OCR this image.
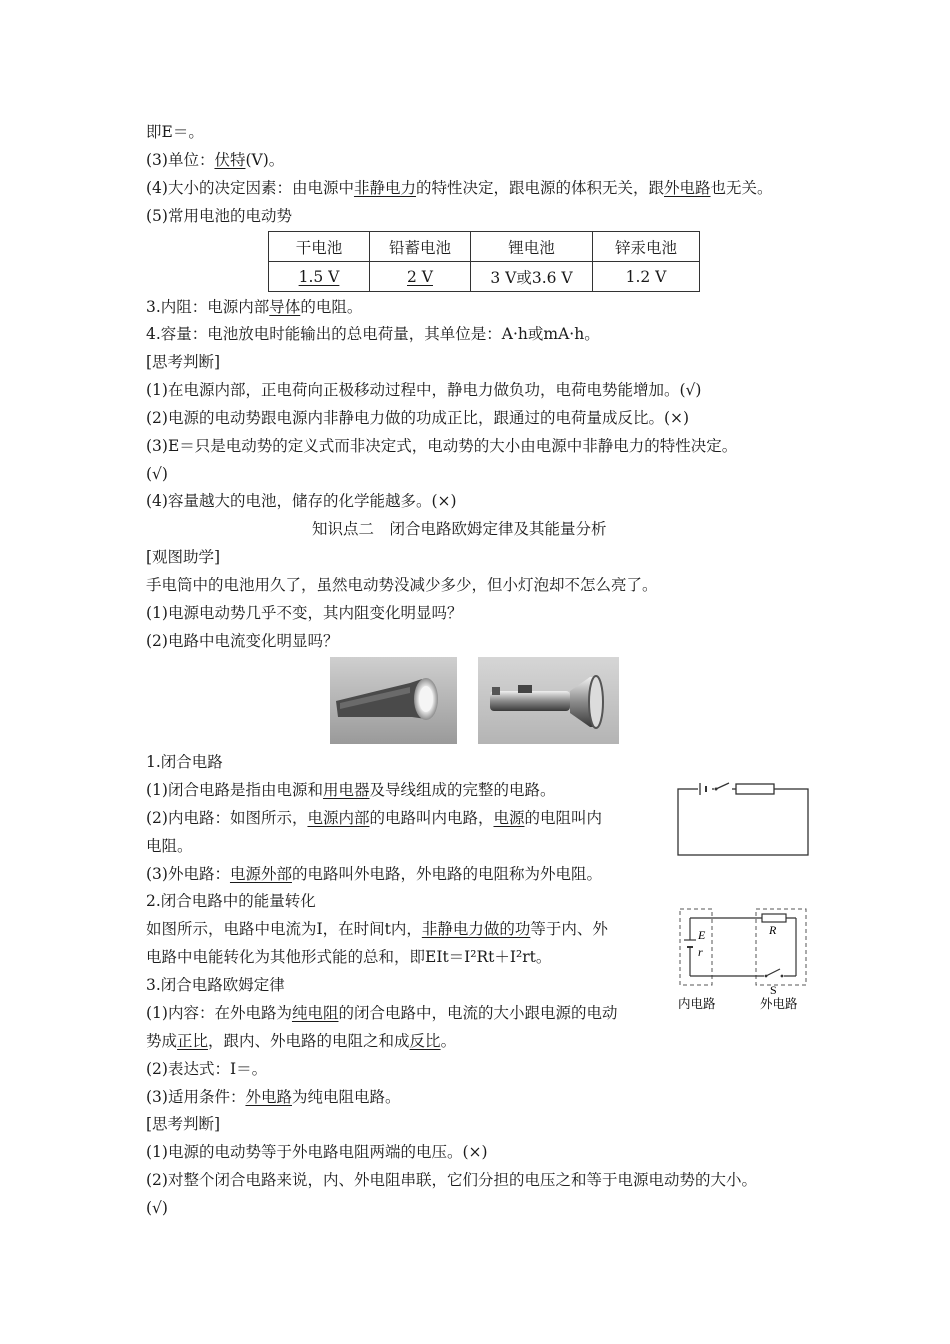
即E＝。
(3)单位：伏特(V)。
(4)大小的决定因素：由电源中非静电力的特性决定，跟电源的体积无关，跟外电路也无关。
(5)常用电池的电动势
干电池	铅蓄电池	锂电池	锌汞电池
1.5 V	2 V	3 V或3.6 V	1.2 V
3.内阻：电源内部导体的电阻。
4.容量：电池放电时能输出的总电荷量，其单位是：A·h或mA·h。
[思考判断]
(1)在电源内部，正电荷向正极移动过程中，静电力做负功，电荷电势能增加。(√)
(2)电源的电动势跟电源内非静电力做的功成正比，跟通过的电荷量成反比。(×)
(3)E＝只是电动势的定义式而非决定式，电动势的大小由电源中非静电力的特性决定。
(√)
(4)容量越大的电池，储存的化学能越多。(×)
知识点二　闭合电路欧姆定律及其能量分析
[观图助学]
手电筒中的电池用久了，虽然电动势没减少多少，但小灯泡却不怎么亮了。
(1)电源电动势几乎不变，其内阻变化明显吗？
(2)电路中电流变化明显吗？
1.闭合电路
(1)闭合电路是指由电源和用电器及导线组成的完整的电路。
(2)内电路：如图所示，电源内部的电路叫内电路，电源的电阻叫内
电阻。
(3)外电路：电源外部的电路叫外电路，外电路的电阻称为外电阻。
2.闭合电路中的能量转化
如图所示，电路中电流为I，在时间t内，非静电力做的功等于内、外
电路中电能转化为其他形式能的总和，即EIt＝I²Rt＋I²rt。
3.闭合电路欧姆定律
(1)内容：在外电路为纯电阻的闭合电路中，电流的大小跟电源的电动
势成正比，跟内、外电路的电阻之和成反比。
E
r
R
S
内电路	外电路
(2)表达式：I＝。
(3)适用条件：外电路为纯电阻电路。
[思考判断]
(1)电源的电动势等于外电路电阻两端的电压。(×)
(2)对整个闭合电路来说，内、外电阻串联，它们分担的电压之和等于电源电动势的大小。
(√)
